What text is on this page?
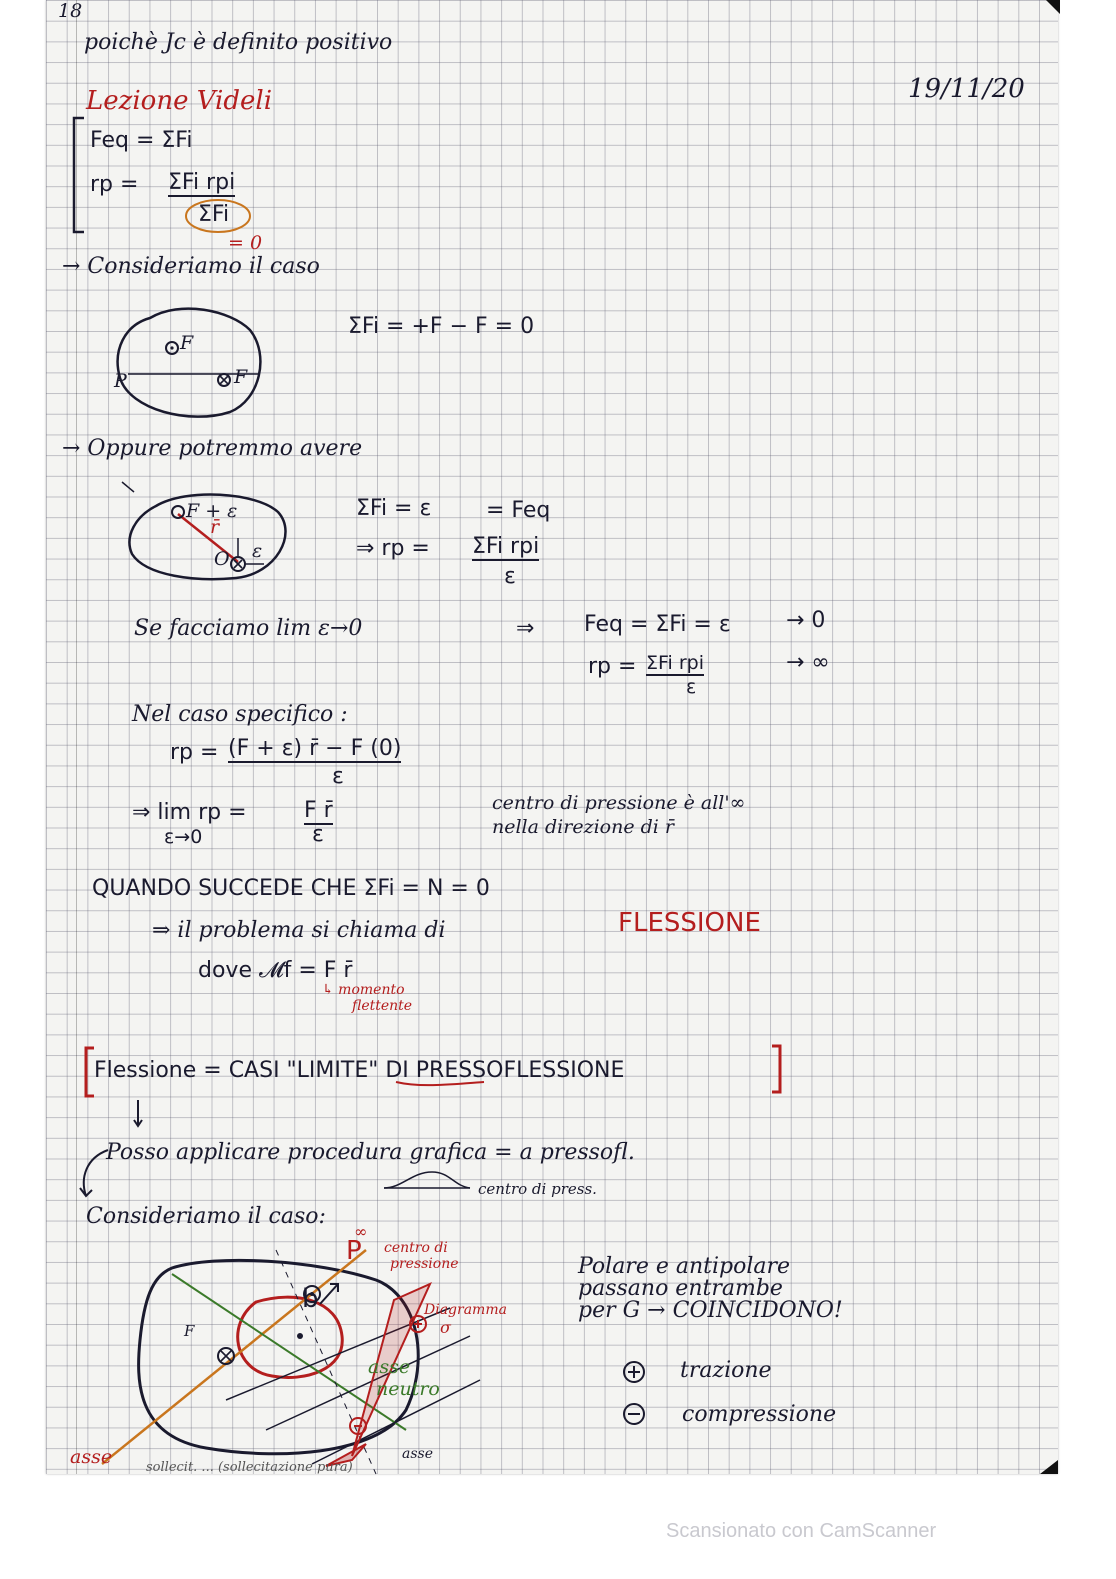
18
poichè Jc è definito positivo
Lezione Videli	19/11/20
Feq = ΣFi
rp = ΣFi rpi
ΣFi
= 0
→ Consideriamo il caso
F
F
P
ΣFi = +F − F = 0
→ Oppure potremmo avere
F + ε
r̄
O ε
ΣFi = ε = Feq
⇒ rp = ΣFi rpi
ε
Se facciamo lim ε→0	⇒ Feq = ΣFi = ε	→ 0
rp = ΣFi rpi
ε
→ ∞
Nel caso specifico :
rp = (F + ε) r̄ − F (0)
ε
⇒ lim rp =
ε→0
F r̄
ε
centro di pressione è all'∞
nella direzione di r̄
QUANDO SUCCEDE CHE ΣFi = N = 0
⇒ il problema si chiama di	FLESSIONE
dove 𝓜f = F r̄
↳ momento
flettente
Flessione = CASI "LIMITE" DI PRESSOFLESSIONE
Posso applicare procedura grafica = a pressofl.
centro di press.
Consideriamo il caso:
P
∞
centro di
pressione
b
F
Diagramma
σ
asse
neutro
asse	asse
sollecit. ... (sollecitazione pura)
Polare e antipolare
passano entrambe
per G → COINCIDONO!
trazione
compressione
Scansionato con CamScanner
